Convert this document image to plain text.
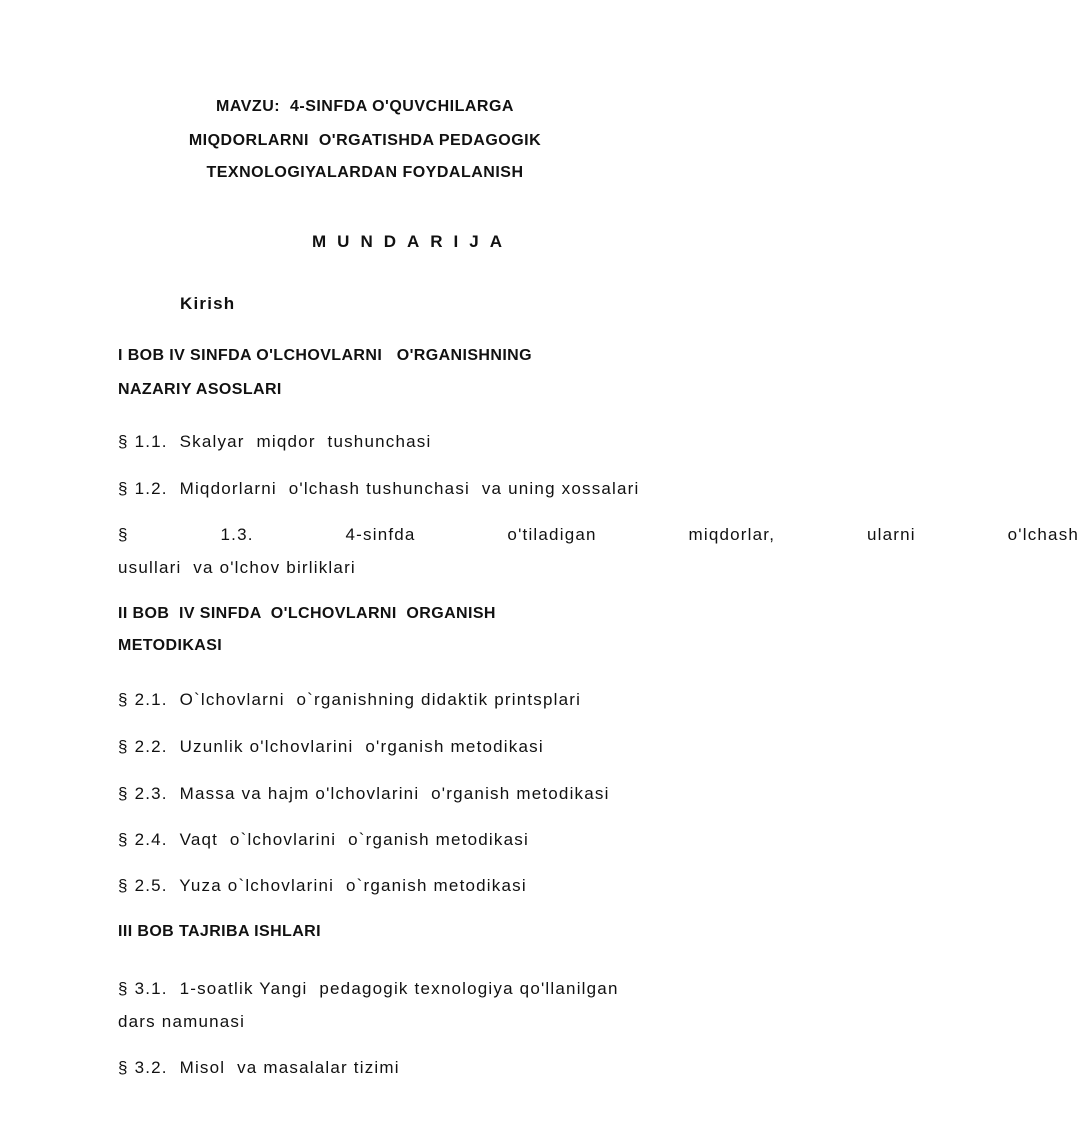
MAVZU:  4-SINFDA O'QUVCHILARGA
MIQDORLARNI  O'RGATISHDA PEDAGOGIK
TEXNOLOGIYALARDAN FOYDALANISH
MUNDARIJA
Kirish
I BOB IV SINFDA O'LCHOVLARNI   O'RGANISHNING
NAZARIY ASOSLARI
§ 1.1.  Skalyar  miqdor  tushunchasi
§ 1.2.  Miqdorlarni  o'lchash tushunchasi  va uning xossalari
§  1.3.  4-sinfda  o'tiladigan  miqdorlar,  ularni  o'lchash
usullari  va o'lchov birliklari
II BOB  IV SINFDA  O'LCHOVLARNI  ORGANISH
METODIKASI
§ 2.1.  O`lchovlarni  o`rganishning didaktik printsplari
§ 2.2.  Uzunlik o'lchovlarini  o'rganish metodikasi
§ 2.3.  Massa va hajm o'lchovlarini  o'rganish metodikasi
§ 2.4.  Vaqt  o`lchovlarini  o`rganish metodikasi
§ 2.5.  Yuza o`lchovlarini  o`rganish metodikasi
III BOB TAJRIBA ISHLARI
§ 3.1.  1-soatlik Yangi  pedagogik texnologiya qo'llanilgan
dars namunasi
§ 3.2.  Misol  va masalalar tizimi
